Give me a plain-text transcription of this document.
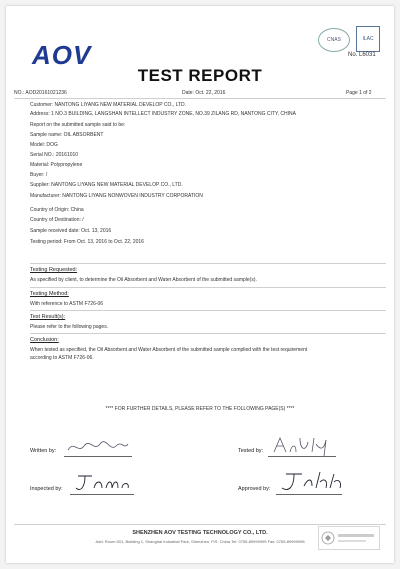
AOV	CNAS	ILAC
No. L6031
TEST REPORT
NO.: AOD20161021236	Date: Oct. 22, 2016	Page 1 of 2
Customer: NANTONG LIYANG NEW MATERIAL DEVELOP CO., LTD.
Address: 1 NO.3 BUILDING, LANGSHAN INTELLECT INDUSTRY ZONE, NO.39 ZILANG RD, NANTONG CITY, CHINA
Report on the submitted sample said to be:
Sample name: OIL ABSORBENT
Model: DOG
Serial NO.: 20161010
Material: Polypropylene
Buyer: /
Supplier: NANTONG LIYANG NEW MATERIAL DEVELOP CO., LTD.
Manufacturer: NANTONG LIYANG NONWOVEN INDUSTRY CORPORATION
Country of Origin: China
Country of Destination: /
Sample received date: Oct. 13, 2016
Testing period: From Oct. 13, 2016 to Oct. 22, 2016
Testing Requested:
As specified by client, to determine the Oil Absorbent and Water Absorbent of the submitted sample(s).
Testing Method:
With reference to ASTM F726-06
Test Result(s):
Please refer to the following pages.
Conclusion:
When tested as specified, the Oil Absorbent and Water Absorbent of the submitted sample complied with the test requirement
according to ASTM F726-06.
**** FOR FURTHER DETAILS, PLEASE REFER TO THE FOLLOWING PAGE(S) ****
Written by:	Tested by:
Inspected by:	Approved by:
SHENZHEN AOV TESTING TECHNOLOGY CO., LTD.
Add: Room 501, Building 1, Shanghai Industrial Park, Shenzhen, P.R. China Tel: 0755-89999999 Fax: 0755-89999998
